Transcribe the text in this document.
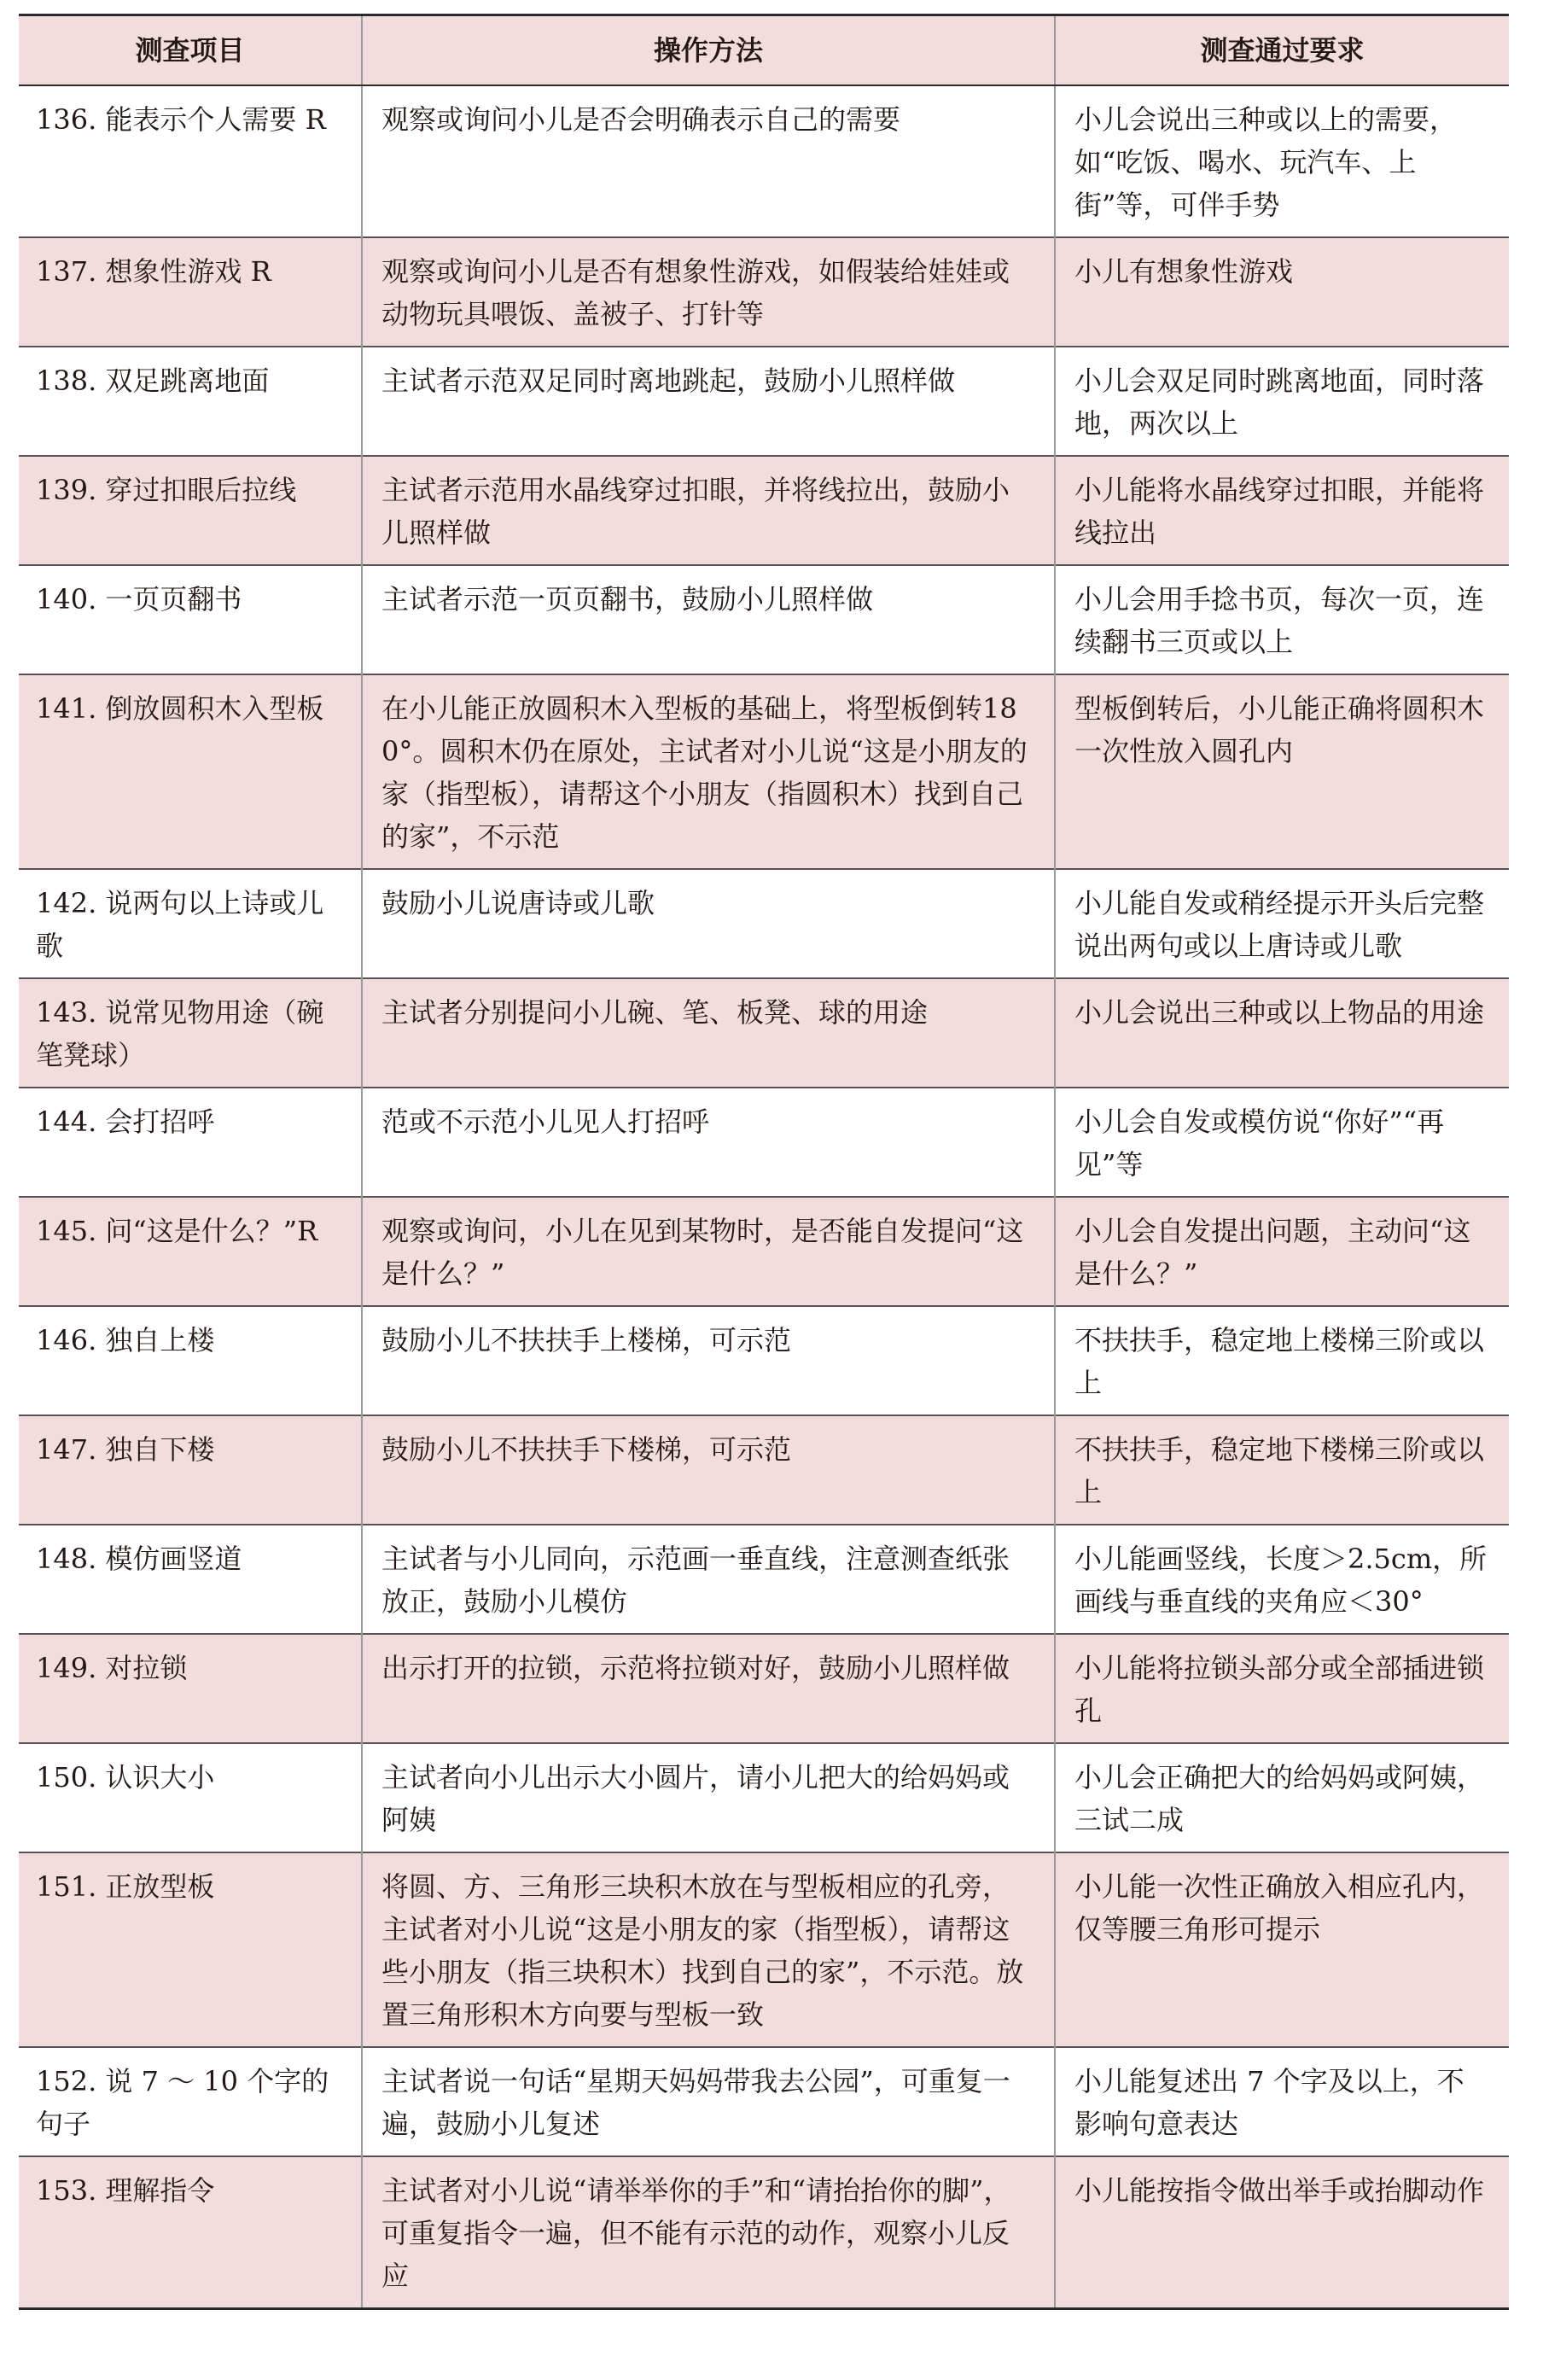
测查项目	操作方法	测查通过要求
136. 能表示个人需要 R	观察或询问小儿是否会明确表示自己的需要	小儿会说出三种或以上的需要，如“吃饭、喝水、玩汽车、上街”等，可伴手势
137. 想象性游戏 R	观察或询问小儿是否有想象性游戏，如假装给娃娃或动物玩具喂饭、盖被子、打针等	小儿有想象性游戏
138. 双足跳离地面	主试者示范双足同时离地跳起，鼓励小儿照样做	小儿会双足同时跳离地面，同时落地，两次以上
139. 穿过扣眼后拉线	主试者示范用水晶线穿过扣眼，并将线拉出，鼓励小儿照样做	小儿能将水晶线穿过扣眼，并能将线拉出
140. 一页页翻书	主试者示范一页页翻书，鼓励小儿照样做	小儿会用手捻书页，每次一页，连续翻书三页或以上
141. 倒放圆积木入型板	在小儿能正放圆积木入型板的基础上，将型板倒转180°。圆积木仍在原处，主试者对小儿说“这是小朋友的家（指型板），请帮这个小朋友（指圆积木）找到自己的家”，不示范	型板倒转后，小儿能正确将圆积木一次性放入圆孔内
142. 说两句以上诗或儿歌	鼓励小儿说唐诗或儿歌	小儿能自发或稍经提示开头后完整说出两句或以上唐诗或儿歌
143. 说常见物用途（碗笔凳球）	主试者分别提问小儿碗、笔、板凳、球的用途	小儿会说出三种或以上物品的用途
144. 会打招呼	范或不示范小儿见人打招呼	小儿会自发或模仿说“你好”“再见”等
145. 问“这是什么？”R	观察或询问，小儿在见到某物时，是否能自发提问“这是什么？”	小儿会自发提出问题，主动问“这是什么？”
146. 独自上楼	鼓励小儿不扶扶手上楼梯，可示范	不扶扶手，稳定地上楼梯三阶或以上
147. 独自下楼	鼓励小儿不扶扶手下楼梯，可示范	不扶扶手，稳定地下楼梯三阶或以上
148. 模仿画竖道	主试者与小儿同向，示范画一垂直线，注意测查纸张放正，鼓励小儿模仿	小儿能画竖线，长度＞2.5cm，所画线与垂直线的夹角应＜30°
149. 对拉锁	出示打开的拉锁，示范将拉锁对好，鼓励小儿照样做	小儿能将拉锁头部分或全部插进锁孔
150. 认识大小	主试者向小儿出示大小圆片，请小儿把大的给妈妈或阿姨	小儿会正确把大的给妈妈或阿姨，三试二成
151. 正放型板	将圆、方、三角形三块积木放在与型板相应的孔旁，主试者对小儿说“这是小朋友的家（指型板），请帮这些小朋友（指三块积木）找到自己的家”，不示范。放置三角形积木方向要与型板一致	小儿能一次性正确放入相应孔内，仅等腰三角形可提示
152. 说 7 ～ 10 个字的句子	主试者说一句话“星期天妈妈带我去公园”，可重复一遍，鼓励小儿复述	小儿能复述出 7 个字及以上，不影响句意表达
153. 理解指令	主试者对小儿说“请举举你的手”和“请抬抬你的脚”，可重复指令一遍，但不能有示范的动作，观察小儿反应	小儿能按指令做出举手或抬脚动作
